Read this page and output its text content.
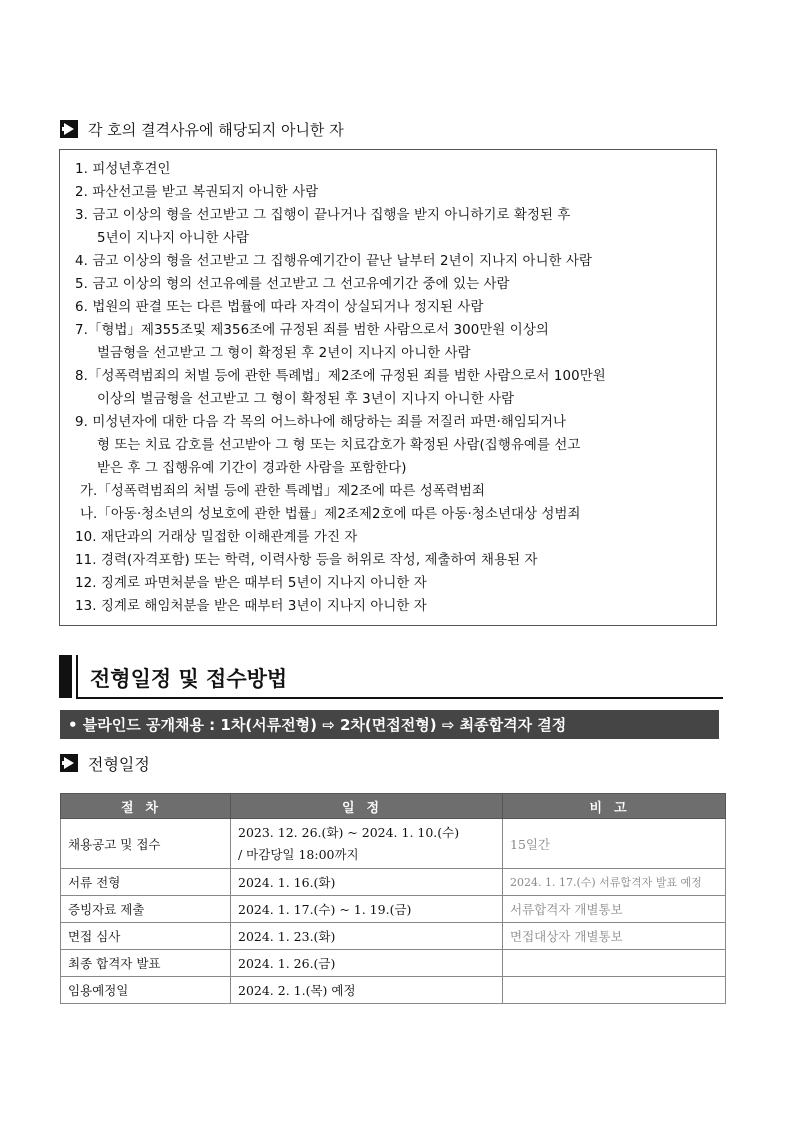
각 호의 결격사유에 해당되지 아니한 자
1. 피성년후견인
2. 파산선고를 받고 복권되지 아니한 사람
3. 금고 이상의 형을 선고받고 그 집행이 끝나거나 집행을 받지 아니하기로 확정된 후
5년이 지나지 아니한 사람
4. 금고 이상의 형을 선고받고 그 집행유예기간이 끝난 날부터 2년이 지나지 아니한 사람
5. 금고 이상의 형의 선고유예를 선고받고 그 선고유예기간 중에 있는 사람
6. 법원의 판결 또는 다른 법률에 따라 자격이 상실되거나 정지된 사람
7.「형법」제355조및 제356조에 규정된 죄를 범한 사람으로서 300만원 이상의
벌금형을 선고받고 그 형이 확정된 후 2년이 지나지 아니한 사람
8.「성폭력범죄의 처벌 등에 관한 특례법」제2조에 규정된 죄를 범한 사람으로서 100만원
이상의 벌금형을 선고받고 그 형이 확정된 후 3년이 지나지 아니한 사람
9. 미성년자에 대한 다음 각 목의 어느하나에 해당하는 죄를 저질러 파면·해임되거나
형 또는 치료 감호를 선고받아 그 형 또는 치료감호가 확정된 사람(집행유예를 선고
받은 후 그 집행유예 기간이 경과한 사람을 포함한다)
가.「성폭력범죄의 처벌 등에 관한 특례법」제2조에 따른 성폭력범죄
나.「아동·청소년의 성보호에 관한 법률」제2조제2호에 따른 아동·청소년대상 성범죄
10. 재단과의 거래상 밀접한 이해관계를 가진 자
11. 경력(자격포함) 또는 학력, 이력사항 등을 허위로 작성, 제출하여 채용된 자
12. 징계로 파면처분을 받은 때부터 5년이 지나지 아니한 자
13. 징계로 해임처분을 받은 때부터 3년이 지나지 아니한 자
전형일정 및 접수방법
• 블라인드 공개채용 : 1차(서류전형) ⇨ 2차(면접전형) ⇨ 최종합격자 결정
전형일정
절차	일정	비고
채용공고 및 접수	2023. 12. 26.(화) ~ 2024. 1. 10.(수)
/ 마감당일 18:00까지	15일간
서류 전형	2024. 1. 16.(화)	2024. 1. 17.(수) 서류합격자 발표 예정
증빙자료 제출	2024. 1. 17.(수) ~ 1. 19.(금)	서류합격자 개별통보
면접 심사	2024. 1. 23.(화)	면접대상자 개별통보
최종 합격자 발표	2024. 1. 26.(금)	
임용예정일	2024. 2. 1.(목) 예정	
